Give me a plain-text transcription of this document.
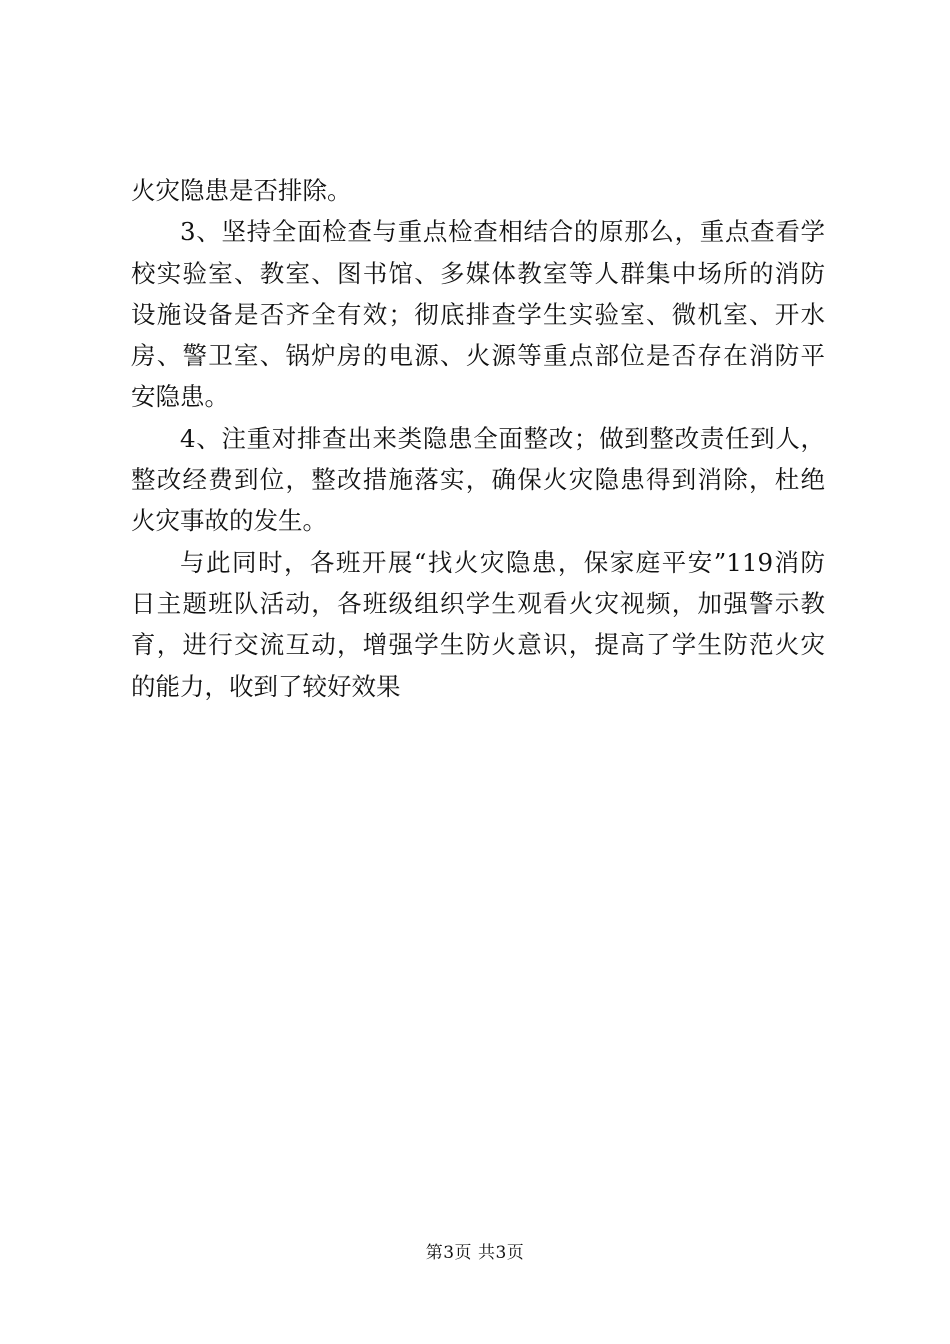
火灾隐患是否排除。
3、坚持全面检查与重点检查相结合的原那么，重点查看学
校实验室、教室、图书馆、多媒体教室等人群集中场所的消防
设施设备是否齐全有效；彻底排查学生实验室、微机室、开水
房、警卫室、锅炉房的电源、火源等重点部位是否存在消防平
安隐患。
4、注重对排查出来类隐患全面整改；做到整改责任到人，
整改经费到位，整改措施落实，确保火灾隐患得到消除，杜绝
火灾事故的发生。
与此同时，各班开展“找火灾隐患，保家庭平安”119消防
日主题班队活动，各班级组织学生观看火灾视频，加强警示教
育，进行交流互动，增强学生防火意识，提高了学生防范火灾
的能力，收到了较好效果
第3页 共3页
